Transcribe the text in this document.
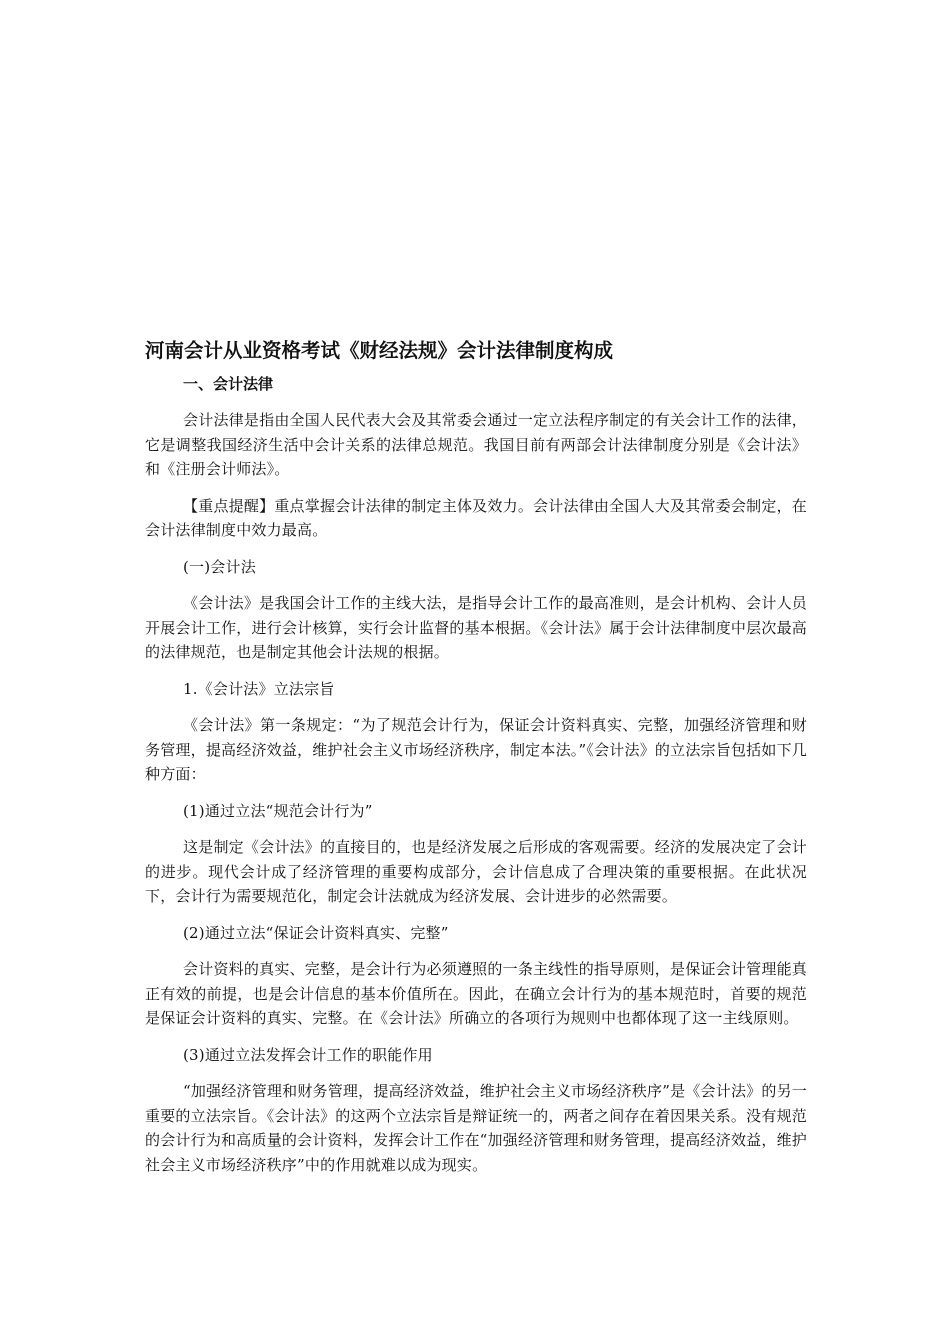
河南会计从业资格考试《财经法规》会计法律制度构成
一、会计法律

会计法律是指由全国人民代表大会及其常委会通过一定立法程序制定的有关会计工作的法律，它是调整我国经济生活中会计关系的法律总规范。我国目前有两部会计法律制度分别是《会计法》和《注册会计师法》。

【重点提醒】重点掌握会计法律的制定主体及效力。会计法律由全国人大及其常委会制定，在会计法律制度中效力最高。

(一)会计法

《会计法》是我国会计工作的主线大法，是指导会计工作的最高准则，是会计机构、会计人员开展会计工作，进行会计核算，实行会计监督的基本根据。《会计法》属于会计法律制度中层次最高的法律规范，也是制定其他会计法规的根据。

1.《会计法》立法宗旨

《会计法》第一条规定：“为了规范会计行为，保证会计资料真实、完整，加强经济管理和财务管理，提高经济效益，维护社会主义市场经济秩序，制定本法。”《会计法》的立法宗旨包括如下几种方面：

(1)通过立法“规范会计行为”

这是制定《会计法》的直接目的，也是经济发展之后形成的客观需要。经济的发展决定了会计的进步。现代会计成了经济管理的重要构成部分，会计信息成了合理决策的重要根据。在此状况下，会计行为需要规范化，制定会计法就成为经济发展、会计进步的必然需要。

(2)通过立法“保证会计资料真实、完整”

会计资料的真实、完整，是会计行为必须遵照的一条主线性的指导原则，是保证会计管理能真正有效的前提，也是会计信息的基本价值所在。因此，在确立会计行为的基本规范时，首要的规范是保证会计资料的真实、完整。在《会计法》所确立的各项行为规则中也都体现了这一主线原则。

(3)通过立法发挥会计工作的职能作用

“加强经济管理和财务管理，提高经济效益，维护社会主义市场经济秩序”是《会计法》的另一重要的立法宗旨。《会计法》的这两个立法宗旨是辩证统一的，两者之间存在着因果关系。没有规范的会计行为和高质量的会计资料，发挥会计工作在“加强经济管理和财务管理，提高经济效益，维护社会主义市场经济秩序”中的作用就难以成为现实。
